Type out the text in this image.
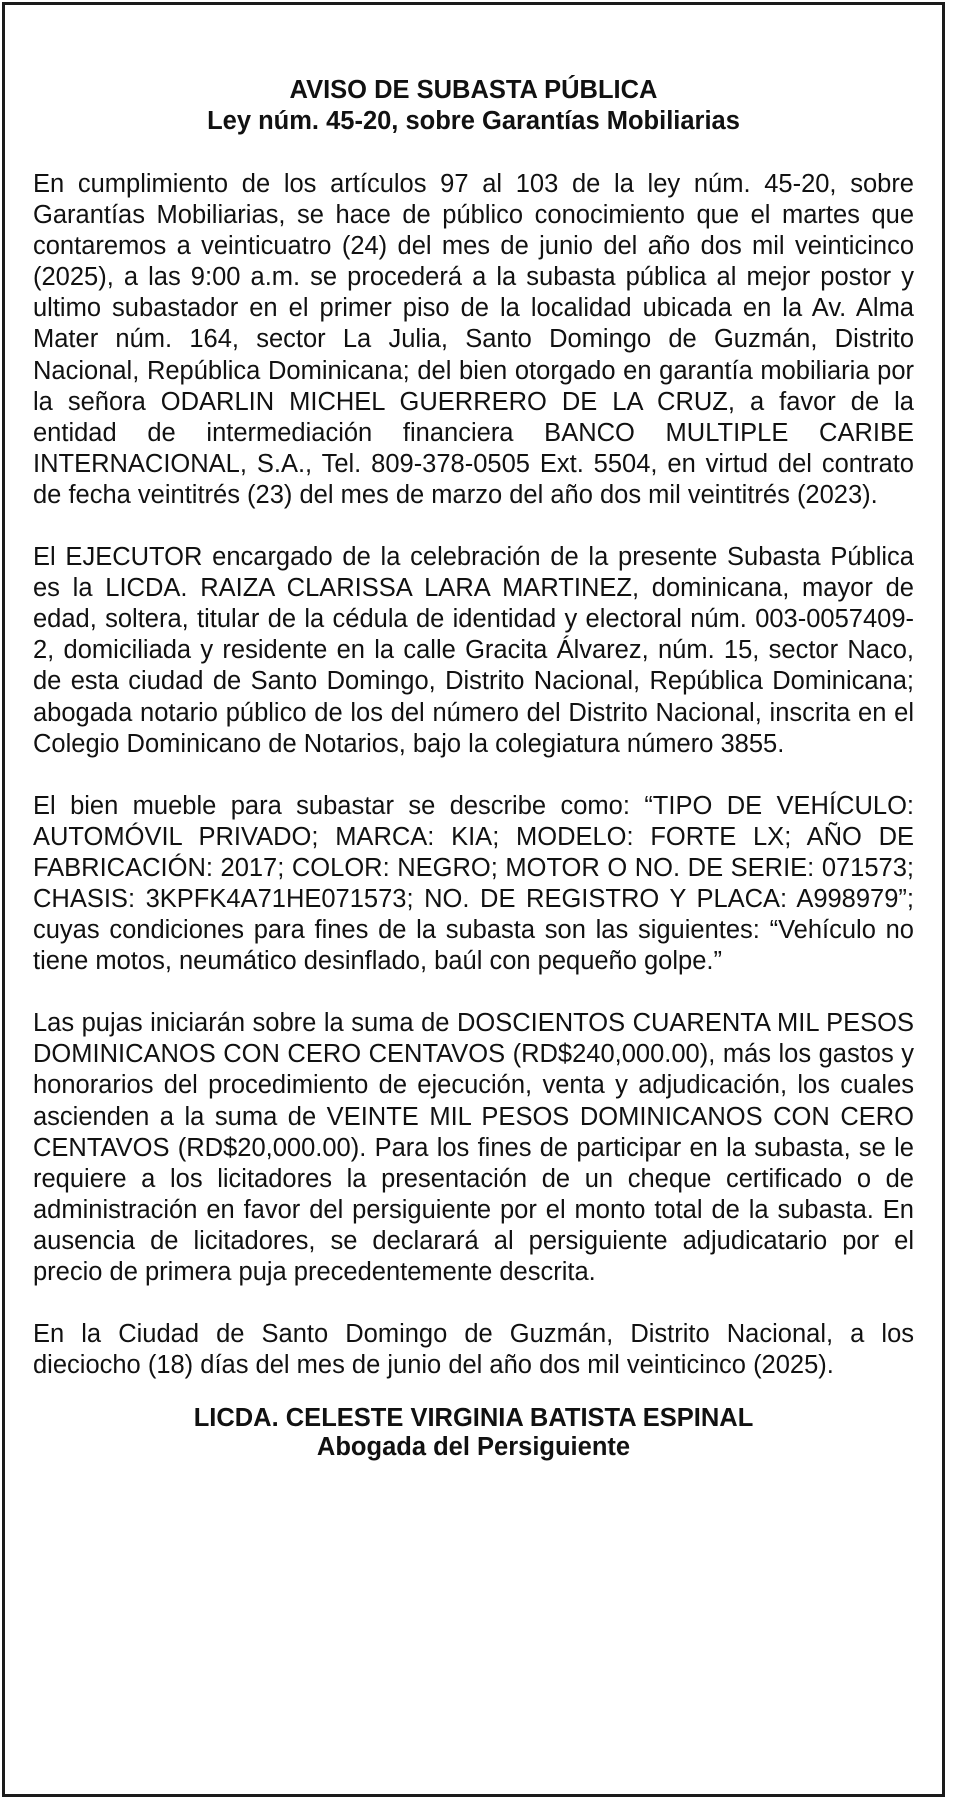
AVISO DE SUBASTA PÚBLICA
Ley núm. 45-20, sobre Garantías Mobiliarias

En cumplimiento de los artículos 97 al 103 de la ley núm. 45-20, sobre Garantías Mobiliarias, se hace de público conocimiento que el martes que contaremos a veinticuatro (24) del mes de junio del año dos mil veinticinco (2025), a las 9:00 a.m. se procederá a la subasta pública al mejor postor y ultimo subastador en el primer piso de la localidad ubicada en la Av. Alma Mater núm. 164, sector La Julia, Santo Domingo de Guzmán, Distrito Nacional, República Dominicana; del bien otorgado en garantía mobiliaria por la señora ODARLIN MICHEL GUERRERO DE LA CRUZ, a favor de la entidad de intermediación financiera BANCO MULTIPLE CARIBE INTERNACIONAL, S.A., Tel. 809-378-0505 Ext. 5504, en virtud del contrato de fecha veintitrés (23) del mes de marzo del año dos mil veintitrés (2023).

El EJECUTOR encargado de la celebración de la presente Subasta Pública es la LICDA. RAIZA CLARISSA LARA MARTINEZ, dominicana, mayor de edad, soltera, titular de la cédula de identidad y electoral núm. 003-0057409-2, domiciliada y residente en la calle Gracita Álvarez, núm. 15, sector Naco, de esta ciudad de Santo Domingo, Distrito Nacional, República Dominicana; abogada notario público de los del número del Distrito Nacional, inscrita en el Colegio Dominicano de Notarios, bajo la colegiatura número 3855.

El bien mueble para subastar se describe como: “TIPO DE VEHÍCULO: AUTOMÓVIL PRIVADO; MARCA: KIA; MODELO: FORTE LX; AÑO DE FABRICACIÓN: 2017; COLOR: NEGRO; MOTOR O NO. DE SERIE: 071573; CHASIS: 3KPFK4A71HE071573; NO. DE REGISTRO Y PLACA: A998979”; cuyas condiciones para fines de la subasta son las siguientes: “Vehículo no tiene motos, neumático desinflado, baúl con pequeño golpe.”

Las pujas iniciarán sobre la suma de DOSCIENTOS CUARENTA MIL PESOS DOMINICANOS CON CERO CENTAVOS (RD$240,000.00), más los gastos y honorarios del procedimiento de ejecución, venta y adjudicación, los cuales ascienden a la suma de VEINTE MIL PESOS DOMINICANOS CON CERO CENTAVOS (RD$20,000.00). Para los fines de participar en la subasta, se le requiere a los licitadores la presentación de un cheque certificado o de administración en favor del persiguiente por el monto total de la subasta. En ausencia de licitadores, se declarará al persiguiente adjudicatario por el precio de primera puja precedentemente descrita.

En la Ciudad de Santo Domingo de Guzmán, Distrito Nacional, a los dieciocho (18) días del mes de junio del año dos mil veinticinco (2025).

LICDA. CELESTE VIRGINIA BATISTA ESPINAL

Abogada del Persiguiente
